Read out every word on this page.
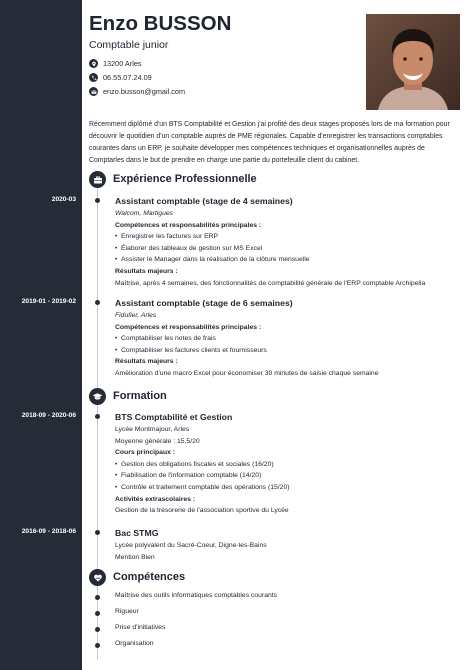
Enzo BUSSON
Comptable junior
13200 Arles
06.55.07.24.09
enzo.busson@gmail.com

Récemment diplômé d'un BTS Comptabilité et Gestion j'ai profité des deux stages proposés lors de ma formation pour découvrir le quotidien d'un comptable auprès de PME régionales. Capable d'enregistrer les transactions comptables courantes dans un ERP, je souhaite développer mes compétences techniques et organisationnelles auprès de Comptarles dans le but de prendre en charge une partie du portefeuille client du cabinet.

Expérience Professionnelle
2020-03	Assistant comptable (stage de 4 semaines)
Walcom, Martigues
Compétences et responsabilités principales :
• Enregistrer les factures sur ERP
• Élaborer des tableaux de gestion sur MS Excel
• Assister le Manager dans la réalisation de la clôture mensuelle
Résultats majeurs :
Maîtrise, après 4 semaines, des fonctionnalités de comptabilité générale de l'ERP comptable Archipelia
2019-01 - 2019-02	Assistant comptable (stage de 6 semaines)
Fidufier, Arles
Compétences et responsabilités principales :
• Comptabiliser les notes de frais
• Comptabiliser les factures clients et fournisseurs
Résultats majeurs :
Amélioration d'une macro Excel pour économiser 30 minutes de saisie chaque semaine
Formation
2018-09 - 2020-06	BTS Comptabilité et Gestion
Lycée Montmajour, Arles
Moyenne générale : 15,5/20
Cours principaux :
• Gestion des obligations fiscales et sociales (16/20)
• Fiabilisation de l'information comptable (14/20)
• Contrôle et traitement comptable des opérations (15/20)
Activités extrascolaires :
Gestion de la trésorerie de l'association sportive du Lycée
2016-09 - 2018-06	Bac STMG
Lycée polyvalent du Sacré-Coeur, Digne-les-Bains
Mention Bien
Compétences
Maîtrise des outils informatiques comptables courants
Rigueur
Prise d'initiatives
Organisation
